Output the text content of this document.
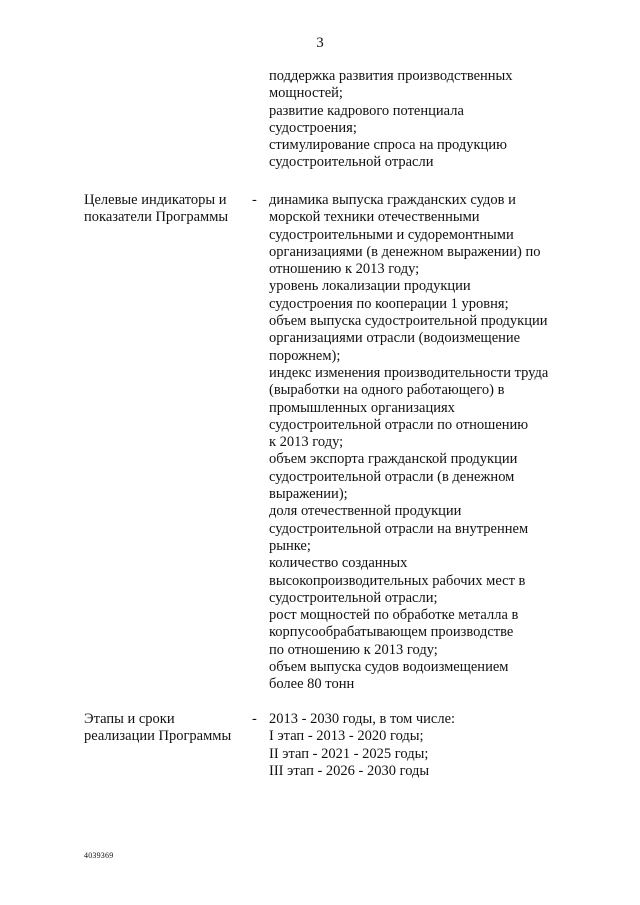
3
поддержка развития производственных
мощностей;
развитие кадрового потенциала
судостроения;
стимулирование спроса на продукцию
судостроительной отрасли
Целевые индикаторы и
показатели Программы
- динамика выпуска гражданских судов и
морской техники отечественными
судостроительными и судоремонтными
организациями (в денежном выражении) по
отношению к 2013 году;
уровень локализации продукции
судостроения по кооперации 1 уровня;
объем выпуска судостроительной продукции
организациями отрасли (водоизмещение
порожнем);
индекс изменения производительности труда
(выработки на одного работающего) в
промышленных организациях
судостроительной отрасли по отношению
к 2013 году;
объем экспорта гражданской продукции
судостроительной отрасли (в денежном
выражении);
доля отечественной продукции
судостроительной отрасли на внутреннем
рынке;
количество созданных
высокопроизводительных рабочих мест в
судостроительной отрасли;
рост мощностей по обработке металла в
корпусообрабатывающем производстве
по отношению к 2013 году;
объем выпуска судов водоизмещением
более 80 тонн
Этапы и сроки
реализации Программы
- 2013 - 2030 годы, в том числе:
I этап - 2013 - 2020 годы;
II этап - 2021 - 2025 годы;
III этап - 2026 - 2030 годы
4039369
